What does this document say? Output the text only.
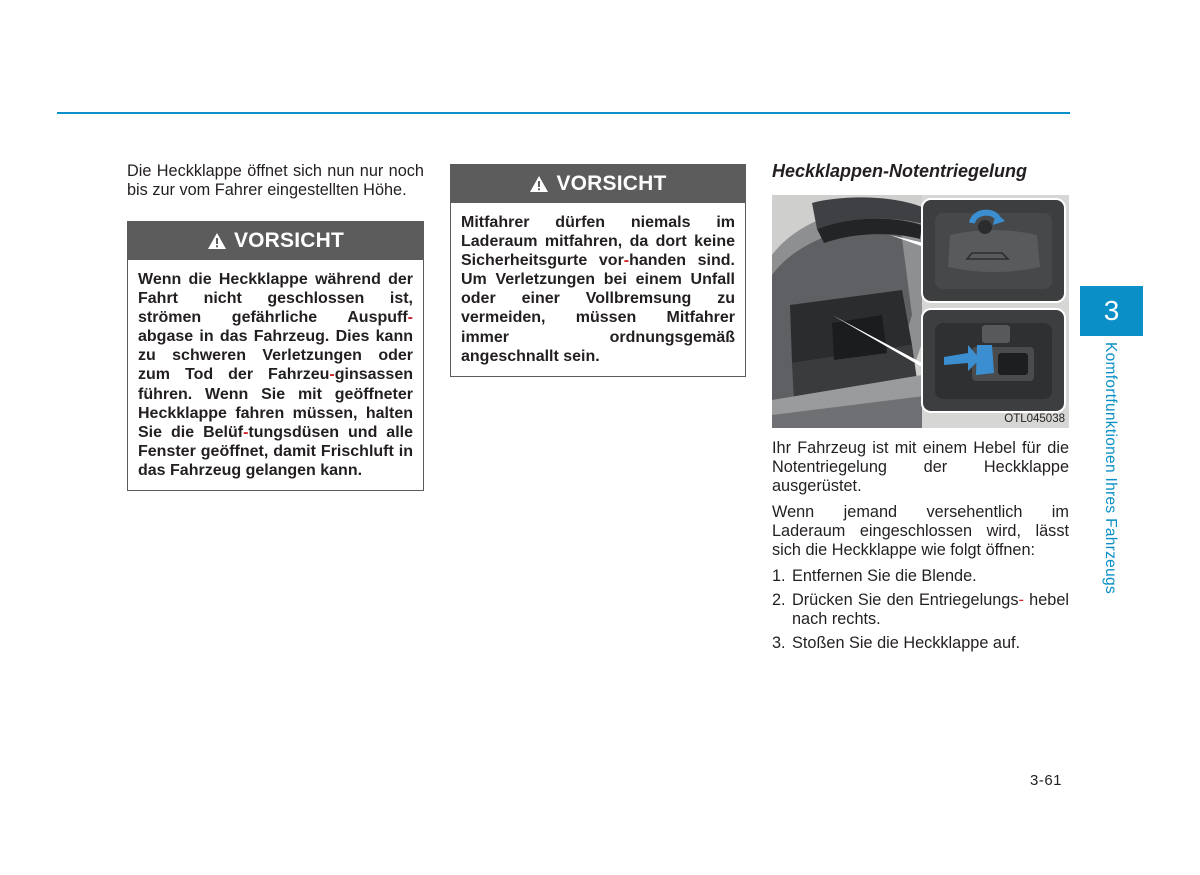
Die Heckklappe öffnet sich nun nur noch bis zur vom Fahrer eingestellten Höhe.

VORSICHT
Wenn die Heckklappe während der Fahrt nicht geschlossen ist, strömen gefährliche Auspuff- abgase in das Fahrzeug. Dies kann zu schweren Verletzungen oder zum Tod der Fahrzeu-ginsassen führen. Wenn Sie mit geöffneter Heckklappe fahren müssen, halten Sie die Belüf-tungsdüsen und alle Fenster geöffnet, damit Frischluft in das Fahrzeug gelangen kann.
VORSICHT
Mitfahrer dürfen niemals im Laderaum mitfahren, da dort keine Sicherheitsgurte vor-handen sind. Um Verletzungen bei einem Unfall oder einer Vollbremsung zu vermeiden, müssen Mitfahrer immer ordnungsgemäß angeschnallt sein.
Heckklappen-Notentriegelung
OTL045038

Ihr Fahrzeug ist mit einem Hebel für die Notentriegelung der Heckklappe ausgerüstet.

Wenn jemand versehentlich im Laderaum eingeschlossen wird, lässt sich die Heckklappe wie folgt öffnen:

1. Entfernen Sie die Blende.
2. Drücken Sie den Entriegelungs- hebel nach rechts.
3. Stoßen Sie die Heckklappe auf.
3
Komfortfunktionen Ihres Fahrzeugs
3-61
